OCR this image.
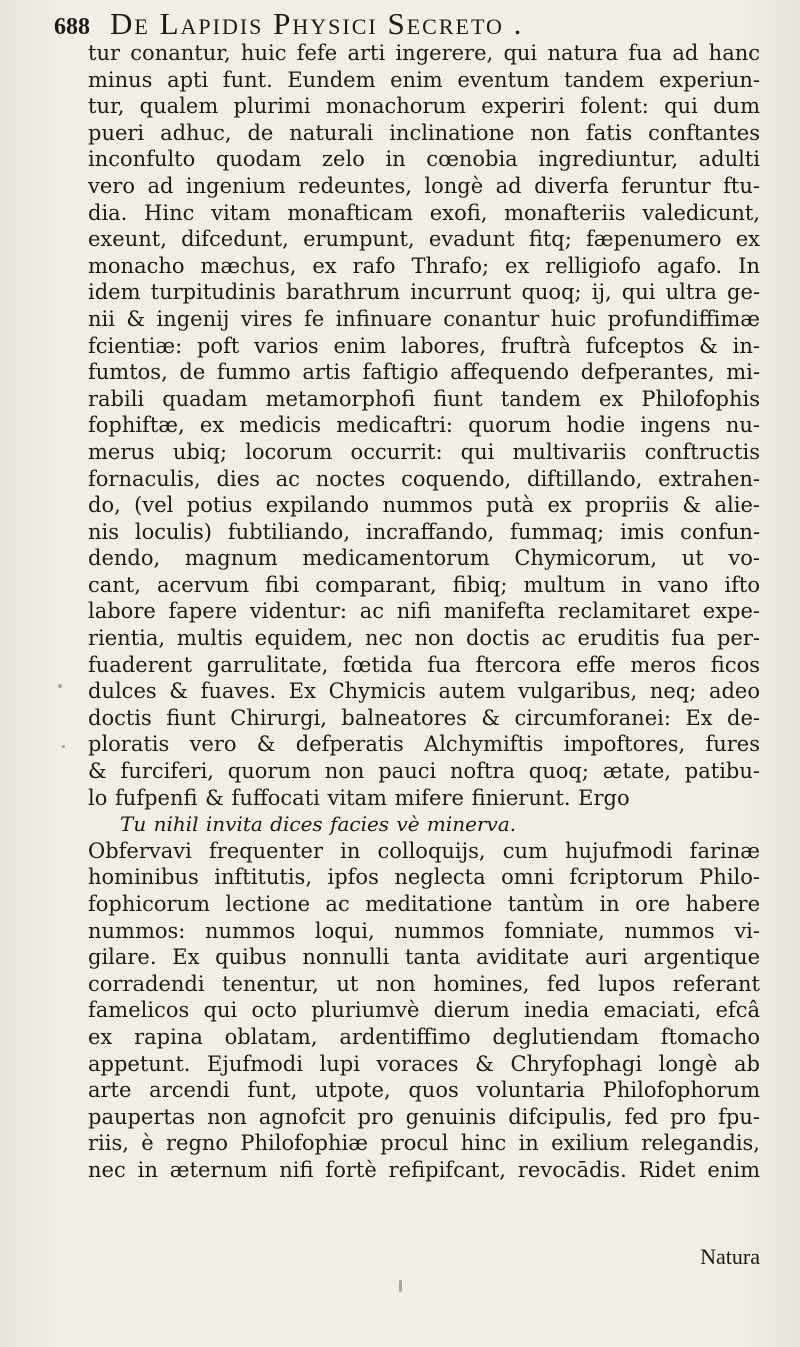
688 De Lapidis Physici Secreto .
tur conantur, huic fefe arti ingerere, qui natura fua ad hanc
minus apti funt. Eundem enim eventum tandem experiun-
tur, qualem plurimi monachorum experiri folent: qui dum
pueri adhuc, de naturali inclinatione non fatis conftantes
inconfulto quodam zelo in cœnobia ingrediuntur, adulti
vero ad ingenium redeuntes, longè ad diverfa feruntur ftu-
dia. Hinc vitam monafticam exofi, monafteriis valedicunt,
exeunt, difcedunt, erumpunt, evadunt fitq; fæpenumero ex
monacho mæchus, ex rafo Thrafo; ex relligiofo agafo. In
idem turpitudinis barathrum incurrunt quoq; ij, qui ultra ge-
nii & ingenij vires fe infinuare conantur huic profundiffimæ
fcientiæ: poft varios enim labores, fruftrà fufceptos & in-
fumtos, de fummo artis faftigio affequendo defperantes, mi-
rabili quadam metamorphofi fiunt tandem ex Philofophis
fophiftæ, ex medicis medicaftri: quorum hodie ingens nu-
merus ubiq; locorum occurrit: qui multivariis conftructis
fornaculis, dies ac noctes coquendo, diftillando, extrahen-
do, (vel potius expilando nummos putà ex propriis & alie-
nis loculis) fubtiliando, incraffando, fummaq; imis confun-
dendo, magnum medicamentorum Chymicorum, ut vo-
cant, acervum fibi comparant, fibiq; multum in vano ifto
labore fapere videntur: ac nifi manifefta reclamitaret expe-
rientia, multis equidem, nec non doctis ac eruditis fua per-
fuaderent garrulitate, fœtida fua ftercora effe meros ficos
dulces & fuaves. Ex Chymicis autem vulgaribus, neq; adeo
doctis fiunt Chirurgi, balneatores & circumforanei: Ex de-
ploratis vero & defperatis Alchymiftis impoftores, fures
& furciferi, quorum non pauci noftra quoq; ætate, patibu-
lo fufpenfi & fuffocati vitam mifere finierunt. Ergo
Tu nihil invita dices facies vè minerva.
Obfervavi frequenter in colloquijs, cum hujufmodi farinæ
hominibus inftitutis, ipfos neglecta omni fcriptorum Philo-
fophicorum lectione ac meditatione tantùm in ore habere
nummos: nummos loqui, nummos fomniate, nummos vi-
gilare. Ex quibus nonnulli tanta aviditate auri argentique
corradendi tenentur, ut non homines, fed lupos referant
famelicos qui octo pluriumvè dierum inedia emaciati, efcâ
ex rapina oblatam, ardentiffimo deglutiendam ftomacho
appetunt. Ejufmodi lupi voraces & Chryfophagi longè ab
arte arcendi funt, utpote, quos voluntaria Philofophorum
paupertas non agnofcit pro genuinis difcipulis, fed pro fpu-
riis, è regno Philofophiæ procul hinc in exilium relegandis,
nec in æternum nifi fortè refipifcant, revocādis. Ridet enim
Natura
